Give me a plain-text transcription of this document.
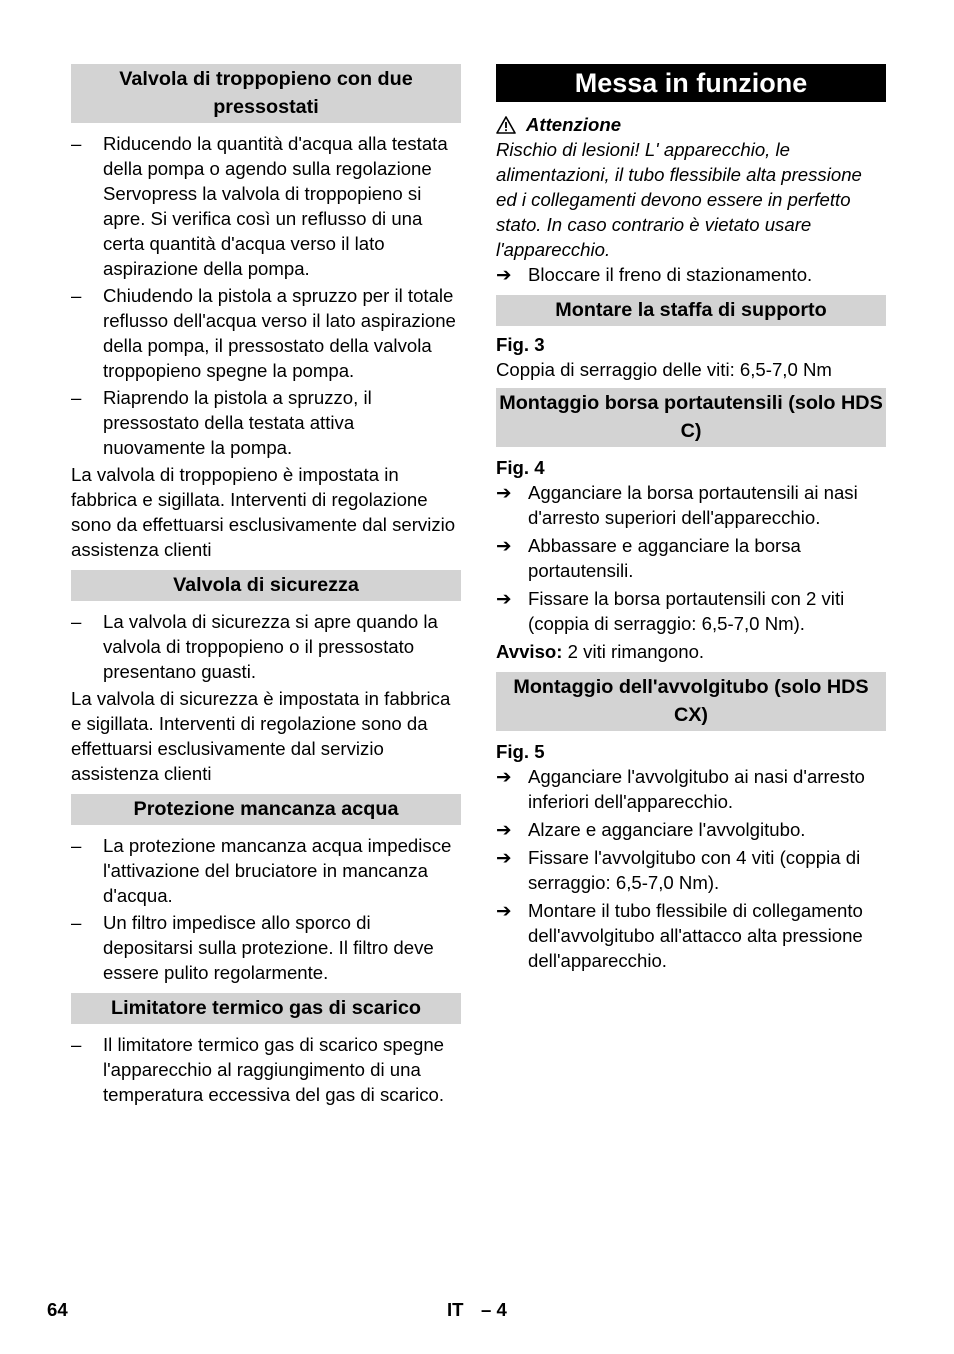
Valvola di troppopieno con due pressostati
– Riducendo la quantità d'acqua alla testata della pompa o agendo sulla regolazione Servopress la valvola di troppopieno si apre. Si verifica così un reflusso di una certa quantità d'acqua verso il lato aspirazione della pompa.
– Chiudendo la pistola a spruzzo per il totale reflusso dell'acqua verso il lato aspirazione della pompa, il pressostato della valvola troppopieno spegne la pompa.
– Riaprendo la pistola a spruzzo, il pressostato della testata attiva nuovamente la pompa.

La valvola di troppopieno è impostata in fabbrica e sigillata. Interventi di regolazione sono da effettuarsi esclusivamente dal servizio assistenza clienti

Valvola di sicurezza
– La valvola di sicurezza si apre quando la valvola di troppopieno o il pressostato presentano guasti.

La valvola di sicurezza è impostata in fabbrica e sigillata. Interventi di regolazione sono da effettuarsi esclusivamente dal servizio assistenza clienti

Protezione mancanza acqua
– La protezione mancanza acqua impedisce l'attivazione del bruciatore in mancanza d'acqua.
– Un filtro impedisce allo sporco di depositarsi sulla protezione. Il filtro deve essere pulito regolarmente.
Limitatore termico gas di scarico
– Il limitatore termico gas di scarico spegne l'apparecchio al raggiungimento di una temperatura eccessiva del gas di scarico.
Messa in funzione
Attenzione

Rischio di lesioni! L' apparecchio, le alimentazioni, il tubo flessibile alta pressione ed i collegamenti devono essere in perfetto stato. In caso contrario è vietato usare l'apparecchio.

➔ Bloccare il freno di stazionamento.
Montare la staffa di supporto
Fig. 3

Coppia di serraggio delle viti: 6,5-7,0 Nm

Montaggio borsa portautensili (solo HDS C)
Fig. 4
➔ Agganciare la borsa portautensili ai nasi d'arresto superiori dell'apparecchio.
➔ Abbassare e agganciare la borsa portautensili.
➔ Fissare la borsa portautensili con 2 viti (coppia di serraggio: 6,5-7,0 Nm).

Avviso: 2 viti rimangono.

Montaggio dell'avvolgitubo (solo HDS CX)
Fig. 5
➔ Agganciare l'avvolgitubo ai nasi d'arresto inferiori dell'apparecchio.
➔ Alzare e agganciare l'avvolgitubo.
➔ Fissare l'avvolgitubo con 4 viti (coppia di serraggio: 6,5-7,0 Nm).
➔ Montare il tubo flessibile di collegamento dell'avvolgitubo all'attacco alta pressione dell'apparecchio.
64	IT – 4
